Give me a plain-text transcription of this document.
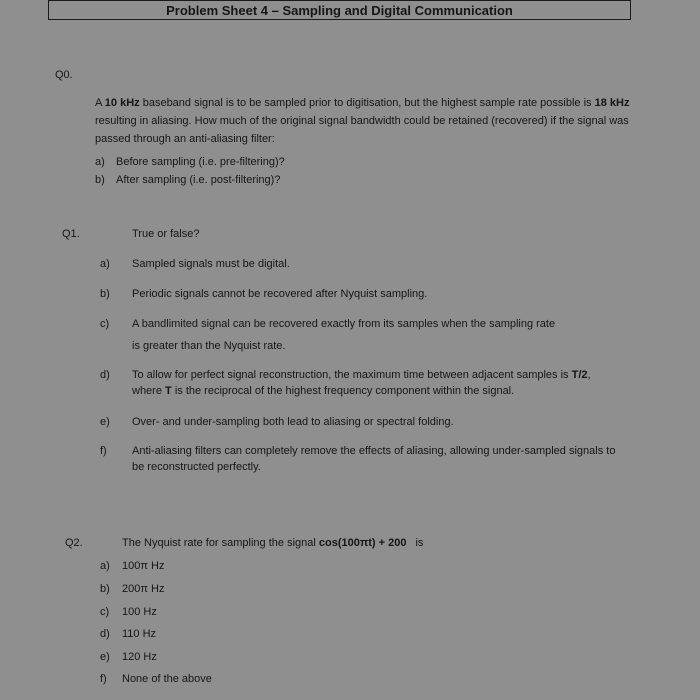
Problem Sheet 4 – Sampling and Digital Communication
Q0.
A 10 kHz baseband signal is to be sampled prior to digitisation, but the highest sample rate possible is 18 kHz resulting in aliasing. How much of the original signal bandwidth could be retained (recovered) if the signal was passed through an anti-aliasing filter:
a) Before sampling (i.e. pre-filtering)?
b) After sampling (i.e. post-filtering)?
Q1.	True or false?
a) Sampled signals must be digital.
b) Periodic signals cannot be recovered after Nyquist sampling.
c) A bandlimited signal can be recovered exactly from its samples when the sampling rate
is greater than the Nyquist rate.
d) To allow for perfect signal reconstruction, the maximum time between adjacent samples is T/2,
where T is the reciprocal of the highest frequency component within the signal.
e) Over- and under-sampling both lead to aliasing or spectral folding.
f) Anti-aliasing filters can completely remove the effects of aliasing, allowing under-sampled signals to
be reconstructed perfectly.
Q2.	The Nyquist rate for sampling the signal cos(100πt) + 200 is
a) 100π Hz
b) 200π Hz
c) 100 Hz
d) 110 Hz
e) 120 Hz
f) None of the above
